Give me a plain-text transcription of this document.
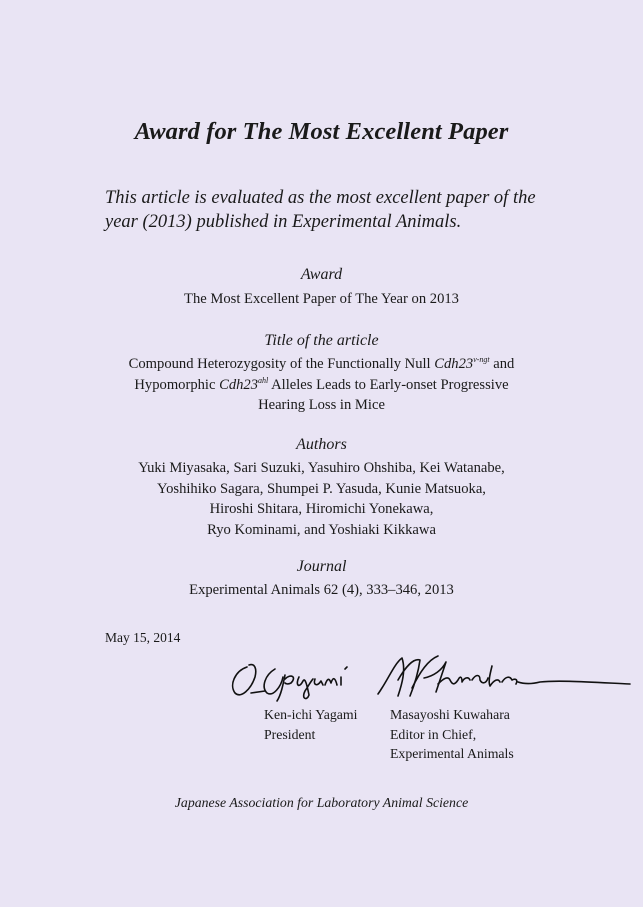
Award for The Most Excellent Paper
This article is evaluated as the most excellent paper of the
year (2013) published in Experimental Animals.
Award
The Most Excellent Paper of The Year on 2013
Title of the article
Compound Heterozygosity of the Functionally Null $Cdh23^{v-ngt}$ and
Hypomorphic $Cdh23^{ahl}$ Alleles Leads to Early-onset Progressive
Hearing Loss in Mice
Authors
Yuki Miyasaka, Sari Suzuki, Yasuhiro Ohshiba, Kei Watanabe,
Yoshihiko Sagara, Shumpei P. Yasuda, Kunie Matsuoka,
Hiroshi Shitara, Hiromichi Yonekawa,
Ryo Kominami, and Yoshiaki Kikkawa
Journal
Experimental Animals 62 (4), 333–346, 2013
May 15, 2014
Ken-ichi Yagami
President
Masayoshi Kuwahara
Editor in Chief,
Experimental Animals
Japanese Association for Laboratory Animal Science
